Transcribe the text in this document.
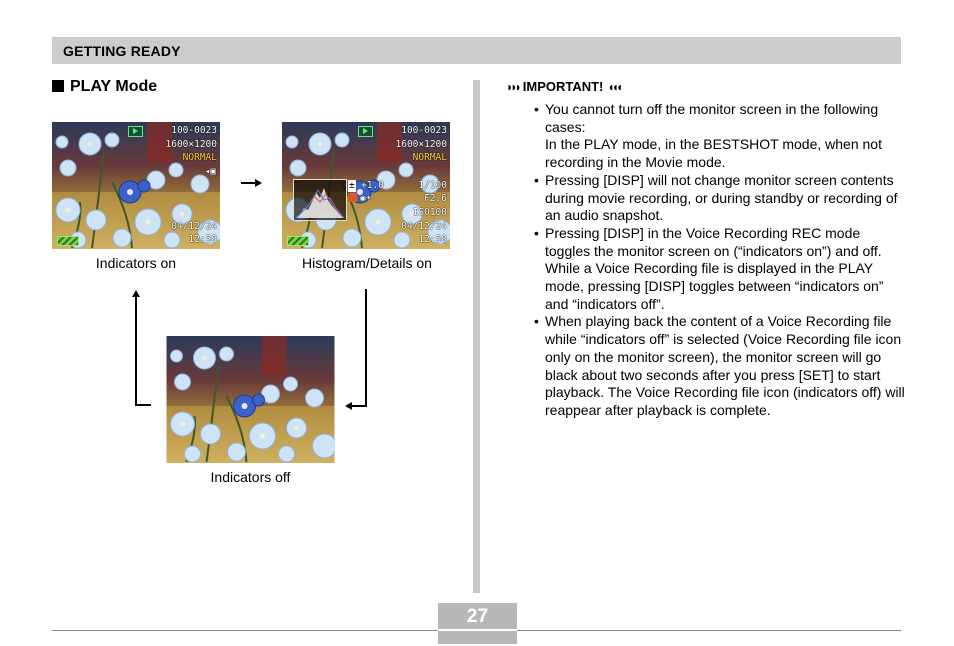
GETTING READY
PLAY Mode
100-0023
1600×1200
NORMAL
◂▣
04/12/24
12:58
Indicators on
100-0023
1600×1200
NORMAL
± +1.0	1/100
■ ◉☀	F2.6
ISO100
04/12/24
12:58
Histogram/Details on
Indicators off
◗◗◗ IMPORTANT! ◖◖◖
• You cannot turn off the monitor screen in the following cases:
In the PLAY mode, in the BESTSHOT mode, when not recording in the Movie mode.
• Pressing [DISP] will not change monitor screen contents during movie recording, or during standby or recording of an audio snapshot.
• Pressing [DISP] in the Voice Recording REC mode toggles the monitor screen on (“indicators on”) and off. While a Voice Recording file is displayed in the PLAY mode, pressing [DISP] toggles between “indicators on” and “indicators off”.
• When playing back the content of a Voice Recording file while “indicators off” is selected (Voice Recording file icon only on the monitor screen), the monitor screen will go black about two seconds after you press [SET] to start playback. The Voice Recording file icon (indicators off) will reappear after playback is complete.
27
